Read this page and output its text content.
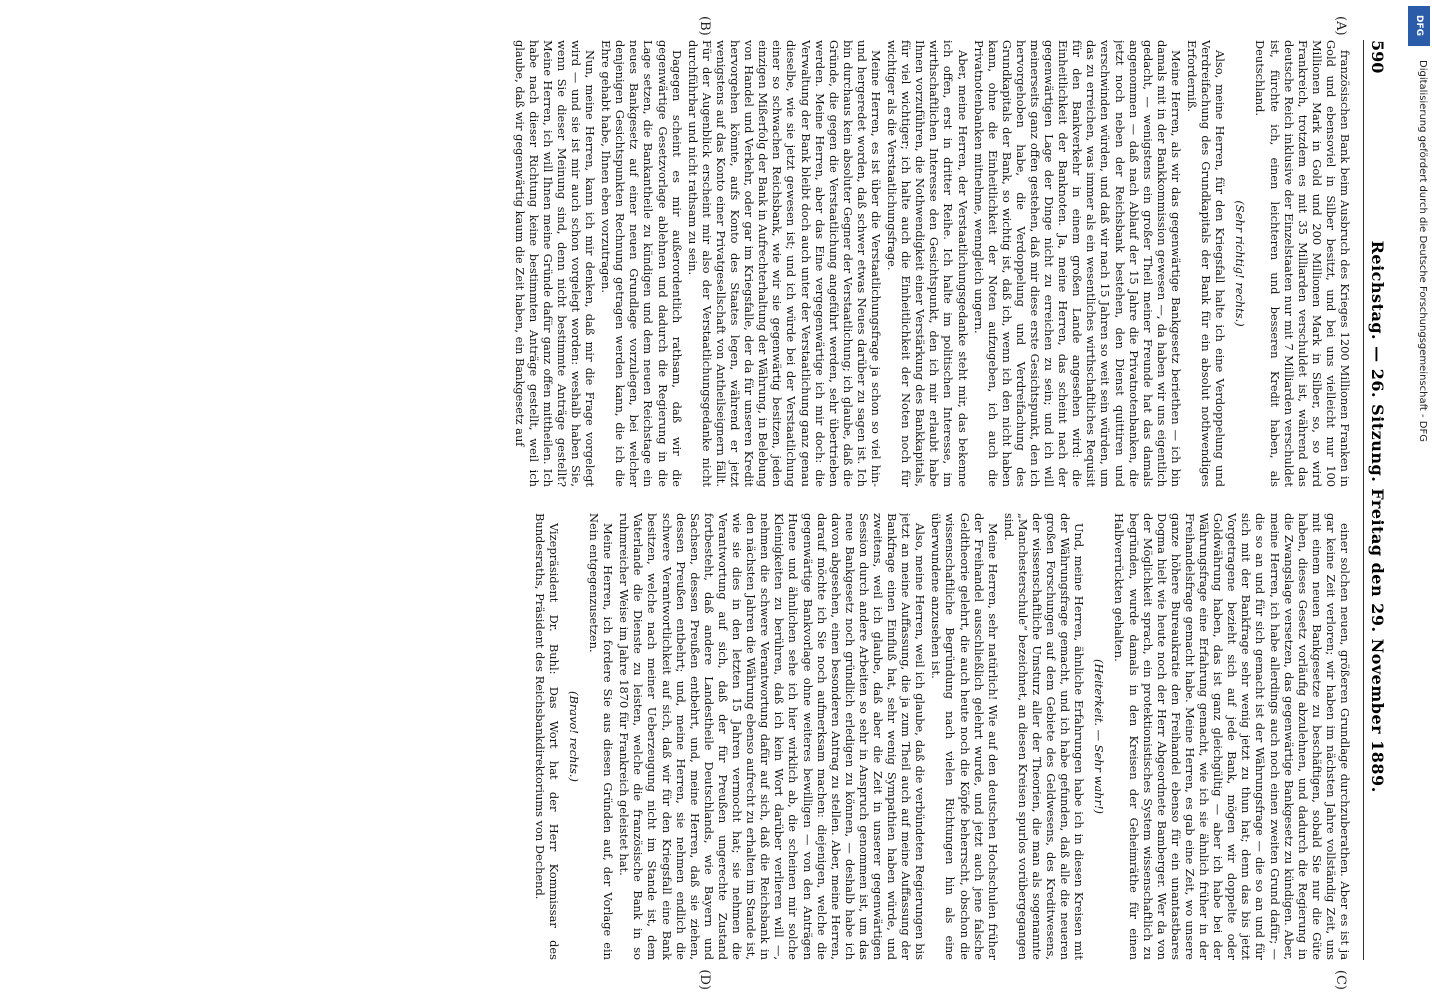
590
Reichstag. — 26. Sitzung. Freitag den 29. November 1889.
(A)
(B)
(C)
(D)

französischen Bank beim Ausbruch des Krieges 1200 Millionen Franken in Gold und ebensoviel in Silber besitzt, und bei uns vielleicht nur 100 Millionen Mark in Gold und 200 Millionen Mark in Silber, so, so wird Frankreich, trotzdem es mit 35 Milliarden verschuldet ist, während das deutsche Reich inklusive der Einzelstaaten nur mit 7 Milliarden verschuldet ist, fürchte ich, einen leichteren und besseren Kredit haben, als Deutschland.

(Sehr richtig! rechts.)

Also, meine Herren, für den Kriegsfall halte ich eine Verdoppelung und Verdreifachung des Grundkapitals der Bank für ein absolut nothwendiges Erforderniß.

Meine Herren, als wir das gegenwärtige Bankgesetz beriethen — ich bin damals mit in der Bankkommission gewesen —, da haben wir uns eigentlich gedacht, — wenigstens ein großer Theil meiner Freunde hat das damals angenommen — daß nach Ablauf der 15 Jahre die Privatnotenbanken, die jetzt noch neben der Reichsbank bestehen, den Dienst quittiren und verschwinden würden, und daß wir nach 15 Jahren so weit sein würden, um das zu erreichen, was immer als ein wesentliches wirthschaftliches Requisit für den Bankverkehr in einem großen Lande angesehen wird: die Einheitlichkeit der Banknoten. Ja, meine Herren, das scheint nach der gegenwärtigen Lage der Dinge nicht zu erreichen zu sein; und ich will meinerseits ganz offen gestehen, daß mir diese erste Gesichtspunkt, den ich hervorgehoben habe, die Verdoppelung und Verdreifachung des Grundkapitals der Bank, so wichtig ist, daß ich, wenn ich den nicht haben kann, ohne die Einheitlichkeit der Noten aufzugeben, ich auch die Privatnotenbanken mitnehme, wenngleich ungern.

Aber, meine Herren, der Verstaatlichungsgedanke steht mir, das bekenne ich offen, erst in dritter Reihe. Ich halte im politischen Interesse, im wirthschaftlichen Interesse den Gesichtspunkt, den ich mir erlaubt habe Ihnen vorzuführen, die Nothwendigkeit einer Verstärkung des Bankkapitals, für viel wichtiger; ich halte auch die Einheitlichkeit der Noten noch für wichtiger als die Verstaatlichungsfrage.

Meine Herren, es ist über die Verstaatlichungsfrage ja schon so viel hin- und hergeredet worden, daß schwer etwas Neues darüber zu sagen ist. Ich bin durchaus kein absoluter Gegner der Verstaatlichung; ich glaube, daß die Gründe, die gegen die Verstaatlichung angeführt werden, sehr übertrieben werden. Meine Herren, aber das Eine vergegenwärtige ich mir doch: die Verwaltung der Bank bleibt doch auch unter der Verstaatlichung ganz genau dieselbe, wie sie jetzt gewesen ist; und ich würde bei der Verstaatlichung einer so schwachen Reichsbank, wie wir sie gegenwärtig besitzen, jeden einzigen Mißerfolg der Bank in Aufrechterhaltung der Währung, in Belebung von Handel und Verkehr, oder gar im Kriegsfalle, der da für unseren Kredit hervorgehen könnte, aufs Konto des Staates legen, während er jetzt wenigstens auf das Konto einer Privatgesellschaft von Antheilseignern fällt. Für der Augenblick erscheint mir also der Verstaatlichungsgedanke nicht durchführbar und nicht rathsam zu sein.

Dagegen scheint es mir außerordentlich rathsam, daß wir die gegenwärtige Gesetzvorlage ablehnen und dadurch die Regierung in die Lage setzen, die Bankantheile zu kündigen und dem neuen Reichstage ein neues Bankgesetz auf einer neuen Grundlage vorzulegen, bei welcher denjenigen Gesichtspunkten Rechnung getragen werden kann, die ich die Ehre gehabt habe, Ihnen eben vorzutragen.

Nun, meine Herren, kann ich mir denken, daß mir die Frage vorgelegt wird — und sie ist mir auch schon vorgelegt worden: weshalb haben Sie, wenn Sie dieser Meinung sind, denn nicht bestimmte Anträge gestellt? Meine Herren, ich will Ihnen meine Gründe dafür ganz offen mittheilen. Ich habe nach dieser Richtung keine bestimmten Anträge gestellt, weil ich glaube, daß wir gegenwärtig kaum die Zeit haben, ein Bankgesetz auf

einer solchen neuen, größeren Grundlage durchzuberathen. Aber es ist ja gar keine Zeit verloren; wir haben im nächsten Jahre vollständig Zeit, uns mit einem neuen Bankgesetze zu beschäftigen, sobald Sie nur die Güte haben, dieses Gesetz vorläufig abzulehnen, und dadurch die Regierung in die Zwangslage versetzen, das gegenwärtige Bankgesetz zu kündigen. Aber, meine Herren, ich habe allerdings auch noch einen zweiten Grund dafür; — die so an und für sich gemacht ist der Währungsfrage — die so an und für sich mit der Bankfrage sehr wenig jetzt zu thun hat; denn das bis jetzt Vorgetragene bezieht sich auf jede Bank, mögen wir doppelte oder Goldwährung haben, das ist ganz gleichgültig — aber ich habe bei der Währungsfrage eine Erfahrung gemacht, wie ich sie ähnlich früher in der Freihandelsfrage gemacht habe. Meine Herren, es gab eine Zeit, wo unsere ganze höhere Bureaukratie den Freihandel ebenso für ein unantastbares Dogma hielt wie heute noch der Herr Abgeordnete Bamberger. Wer da von der Möglichkeit sprach, ein protektionistisches System wissenschaftlich zu begründen, wurde damals in den Kreisen der Geheimräthe für einen Halbverrückten gehalten.

(Heiterkeit. — Sehr wahr!)

Und, meine Herren, ähnliche Erfahrungen habe ich in diesen Kreisen mit der Währungsfrage gemacht, und ich habe gefunden, daß alle die neueren großen Forschungen auf dem Gebiete des Geldwesens, des Kreditwesens, der wissenschaftliche Umsturz aller der Theorien, die man als sogenannte „Manchesterschule“ bezeichnet, an diesen Kreisen spurlos vorübergegangen sind.

Meine Herren, sehr natürlich! Wie auf den deutschen Hochschulen früher der Freihandel ausschließlich gelehrt wurde, und jetzt auch jene falsche Geldtheorie gelehrt, die auch heute noch die Köpfe beherrscht, obschon die wissenschaftliche Begründung nach vielen Richtungen hin als eine überwundene anzusehen ist.

Also, meine Herren, weil ich glaube, daß die verbündeten Regierungen bis jetzt an meine Auffassung, die ja zum Theil auch auf meine Auffassung der Bankfrage einen Einfluß hat, sehr wenig Sympathien haben würde, und zweitens, weil ich glaube, daß aber die Zeit in unserer gegenwärtigen Session durch andere Arbeiten so sehr in Anspruch genommen ist, um das neue Bankgesetz noch gründlich erledigen zu können, — deshalb habe ich davon abgesehen, einen besonderen Antrag zu stellen. Aber, meine Herren, darauf möchte ich Sie noch aufmerksam machen: diejenigen, welche die gegenwärtige Bankvorlage ohne weiteres bewilligen — von den Anträgen Huene und ähnlichen sehe ich hier wirklich ab, die scheinen mir solche Kleinigkeiten zu berühren, daß ich kein Wort darüber verlieren will —, nehmen die schwere Verantwortung dafür auf sich, daß die Reichsbank in den nächsten Jahren die Währung ebenso aufrecht zu erhalten im Stande ist, wie sie dies in den letzten 15 Jahren vermocht hat; sie nehmen die Verantwortung auf sich, daß der für Preußen ungerechte Zustand fortbesteht, daß andere Landestheile Deutschlands, wie Bayern und Sachsen, dessen Preußen entbehrt, und, meine Herren, daß sie ziehen, dessen Preußen entbehrt; und, meine Herren, sie nehmen endlich die schwere Verantwortlichkeit auf sich, daß wir für den Kriegsfall eine Bank besitzen, welche nach meiner Ueberzeugung nicht im Stande ist, dem Vaterlande die Dienste zu leisten, welche die französische Bank in so ruhmreicher Weise im Jahre 1870 für Frankreich geleistet hat.

Meine Herren, ich fordere Sie aus diesen Gründen auf, der Vorlage ein Nein entgegenzusetzen.

(Bravo! rechts.)

Vizepräsident Dr. Buhl: Das Wort hat der Herr Kommissar des Bundesraths, Präsident des Reichsbankdirektoriums von Dechend.

DFG
Digitalisierung gefördert durch die Deutsche Forschungsgemeinschaft - DFG
